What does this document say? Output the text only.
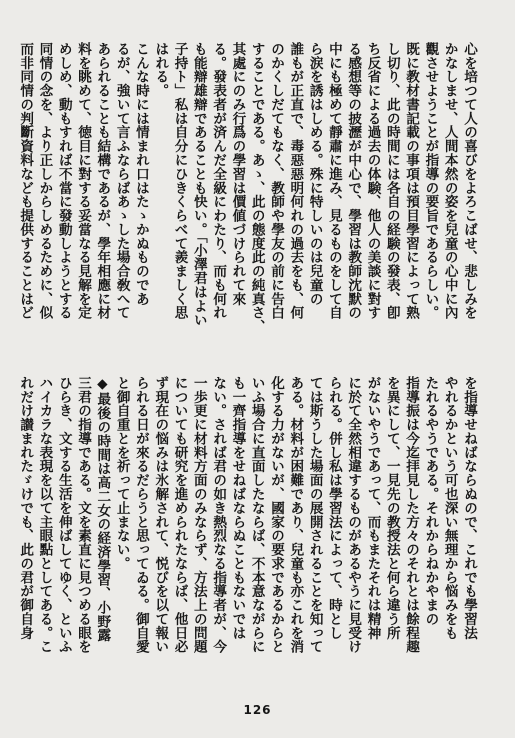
心を培つて人の喜びをよろこばせ、悲しみを
かなしませ、人間本然の姿を兒童の心中に內
觀させようことが指導の要旨であるらしい。
既に教材書記載の事項は預目學習によって熟
し切り、此の時間には各自の経験の發表、卽
ち反省による過去の体験、他人の美談に對す
る感想等の披瀝が中心で、學習は教師沈默の
中にも極めて靜肅に進み、見るものをして自
ら涙を誘はしめる。殊に特しいのは兒童の
誰もが正直で、毒惡惡明何れの過去をも、何
のかくしだてもなく、教師や學友の前に告白
することである。あゝ、此の態度此の純真さ、
其處にのみ行爲の學習は價値づけられて來
る。發表者が済んだ全級にわたり、而も何れ
も能辯雄辯であることも快い。「小澤君はよい
子持ト」私は自分にひきくらべて羨ましく思
はれる。
こんな時には情まれ口はたゝかぬものであ
るが、強いて言ふならばあゝした場合敎へて
あられることも結構であるが、學年相應に材
料を眺めて、徳目に對する妥當なる見解を定
めしめ、動もすれば不當に發動しようとする
同情の念を、より正しからしめるために、似
而非同情の判斷資料なども提供することはど
を指導せねばならぬので、これでも學習法
やれるかという可也深い無理から悩みをも
たれるやうである。それからねかやまの
指導振は今迄拝見した方々のそれとは餘程趣
を異にして、一見先の教授法と何ら違う所
がないやうであって、而もまたそれは精神
に於て全然相違するものがあるやうに見受け
られる。併し私は學習法によって、時とし
ては斯うした場面の展開されることを知って
ある。材料が困難であり、兒童も亦これを消
化する力がないが、國家の要求であるからと
いふ場合に直面したならば、不本意ながらに
も一齊指導をせねばならぬこともないでは
ない。されば君の如き熱烈なる指導者が、今
一歩更に材料方面のみならず、方法上の問題
についても研究を進められたならば、他日必
ず現在の悩みは氷解されて、悦びを以て報い
られる日が來るだらうと思ってゐる。御自愛
と御自重とを祈って止まない。
◆最後の時間は高二女の経済學習、小野露
三君の指導である。文を素直に見つめる眼を
ひらき、文する生活を伸ばしてゆく、といふ
ハイカラな表現を以て主眼點としてある。こ
れだけ讃まれたゞけでも、此の君が御自身
126
